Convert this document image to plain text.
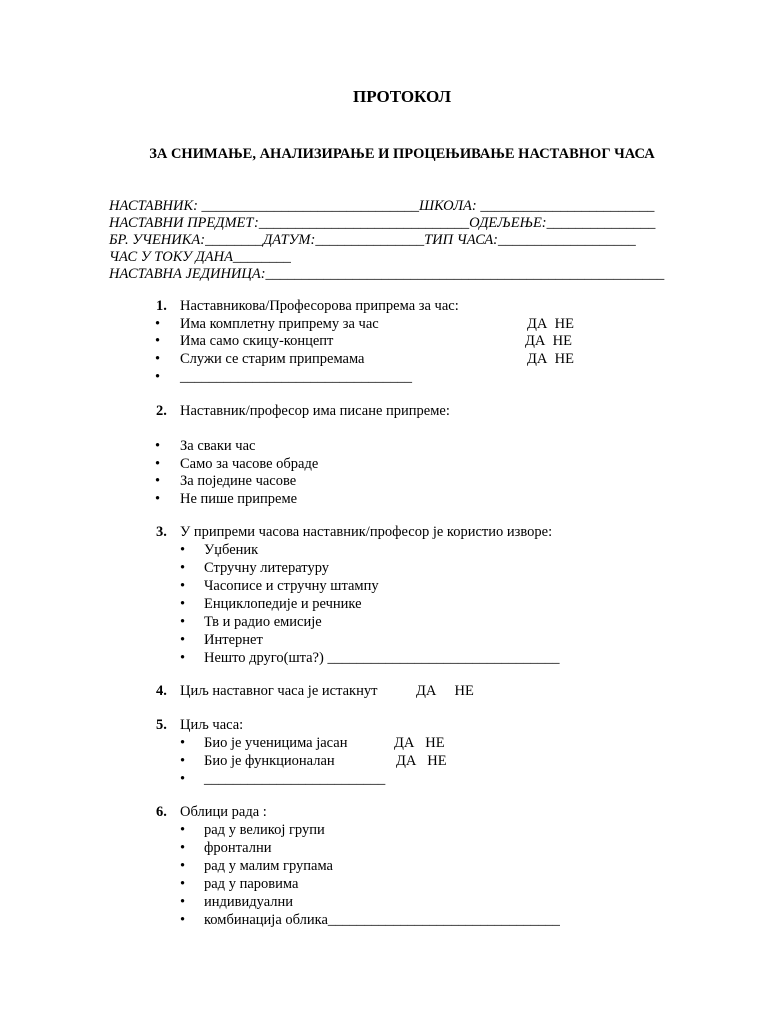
ПРОТОКОЛ
ЗА СНИМАЊЕ, АНАЛИЗИРАЊЕ И ПРОЦЕЊИВАЊЕ НАСТАВНОГ ЧАСА
НАСТАВНИК: ______________________________ШКОЛА: ________________________
НАСТАВНИ ПРЕДМЕТ:_____________________________ОДЕЉЕЊЕ:_______________
БР. УЧЕНИКА:________ДАТУМ:_______________ТИП ЧАСА:___________________
ЧАС У ТОКУ ДАНА________
НАСТАВНА ЈЕДИНИЦА:_______________________________________________________
1. Наставникова/Професорова припрема за час:
• Има комплетну припрему за час	ДА  НЕ
• Има само скицу-концепт	ДА  НЕ
• Служи се старим припремама	ДА  НЕ
• ________________________________
2. Наставник/професор има писане припреме:
• За сваки час
• Само за часове обраде
• За поједине часове
• Не пише припреме
3. У припреми часова наставник/професор је користио изворе:
• Уџбеник
• Стручну литературу
• Часописе и стручну штампу
• Енциклопедије и речнике
• Тв и радио емисије
• Интернет
• Нешто друго(шта?) ________________________________
4. Циљ наставног часа је истакнут	ДА     НЕ
5. Циљ часа:
• Био је ученицима јасан	ДА   НЕ
• Био је функционалан	ДА   НЕ
• _________________________
6. Облици рада :
• рад у великој групи
• фронтални
• рад у малим групама
• рад у паровима
• индивидуални
• комбинација облика________________________________
